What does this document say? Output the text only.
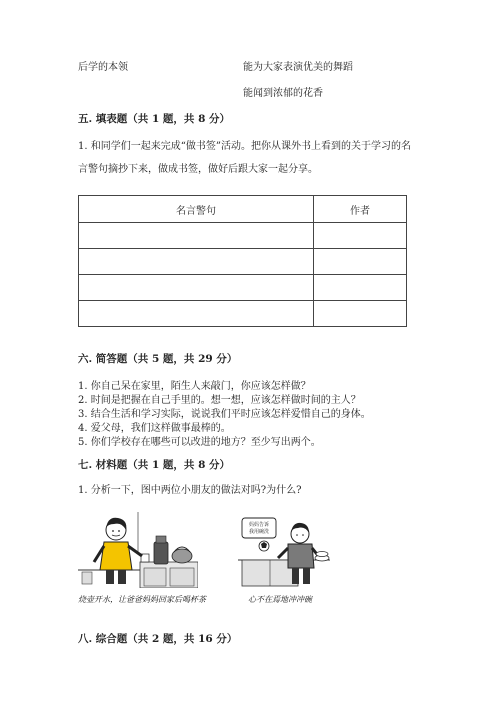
后学的本领	能为大家表演优美的舞蹈
能闻到浓郁的花香
五. 填表题（共 1 题，共 8 分）
1. 和同学们一起来完成“做书签”活动。把你从课外书上看到的关于学习的名
言警句摘抄下来，做成书签，做好后跟大家一起分享。
名言警句	作者

六. 简答题（共 5 题，共 29 分）
1. 你自己呆在家里，陌生人来敲门，你应该怎样做？
2. 时间是把握在自己手里的。想一想，应该怎样做时间的主人？
3. 结合生活和学习实际，说说我们平时应该怎样爱惜自己的身体。
4. 爱父母，我们这样做事最棒的。
5. 你们学校存在哪些可以改进的地方？至少写出两个。
七. 材料题（共 1 题，共 8 分）
1. 分析一下，图中两位小朋友的做法对吗?为什么?
烧壶开水，让爸爸妈妈回家后喝杯茶
妈妈告诉
我用碗洗
心不在焉地冲冲碗
八. 综合题（共 2 题，共 16 分）
